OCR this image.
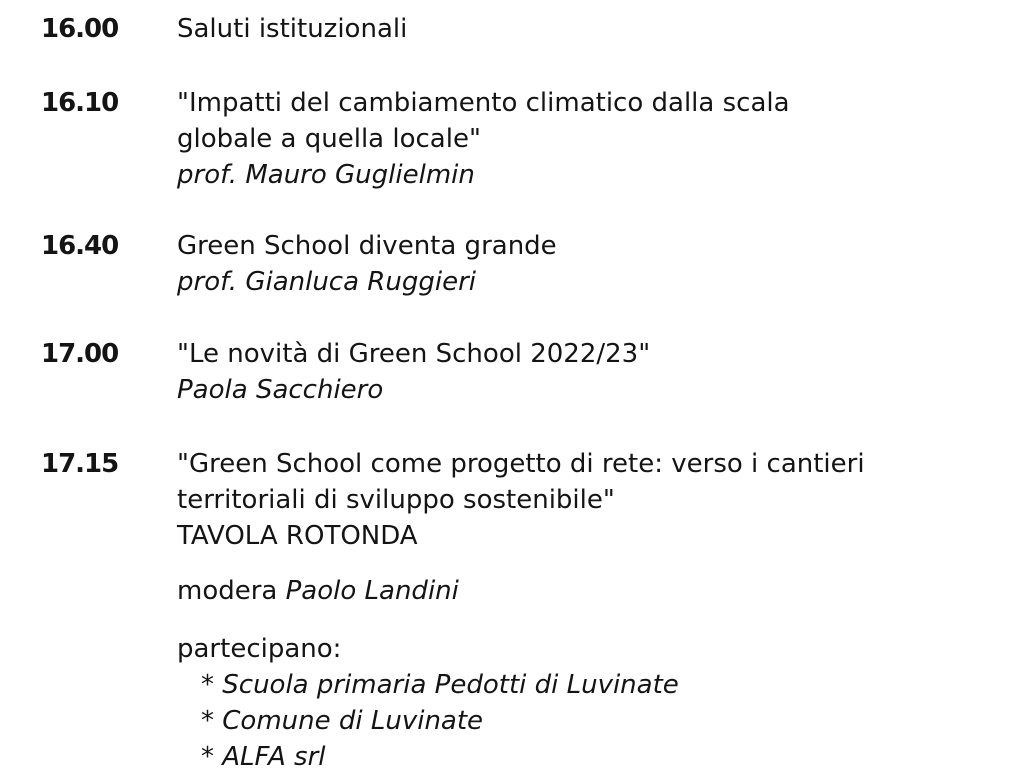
16.00 Saluti istituzionali
16.10 "Impatti del cambiamento climatico dalla scala
globale a quella locale"
prof. Mauro Guglielmin
16.40 Green School diventa grande
prof. Gianluca Ruggieri
17.00 "Le novità di Green School 2022/23"
Paola Sacchiero
17.15 "Green School come progetto di rete: verso i cantieri
territoriali di sviluppo sostenibile"
TAVOLA ROTONDA
modera Paolo Landini
partecipano:
* Scuola primaria Pedotti di Luvinate
* Comune di Luvinate
* ALFA srl
